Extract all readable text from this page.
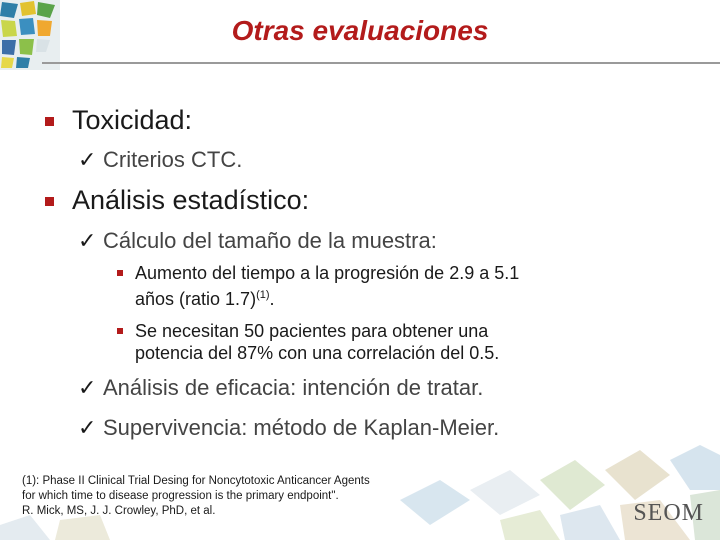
Otras evaluaciones
Toxicidad:
✓ Criterios CTC.
Análisis estadístico:
✓ Cálculo del tamaño de la muestra:
Aumento del tiempo a la progresión de 2.9 a 5.1
años (ratio 1.7)$^{(1)}$.
Se necesitan 50 pacientes para obtener una
potencia del 87% con una correlación del 0.5.
✓ Análisis de eficacia: intención de tratar.
✓ Supervivencia: método de Kaplan-Meier.
(1): Phase II Clinical Trial Desing for Noncytotoxic Anticancer Agents
for which time to disease progression is the primary endpoint".
R. Mick, MS, J. J. Crowley, PhD, et al.	SEOM
